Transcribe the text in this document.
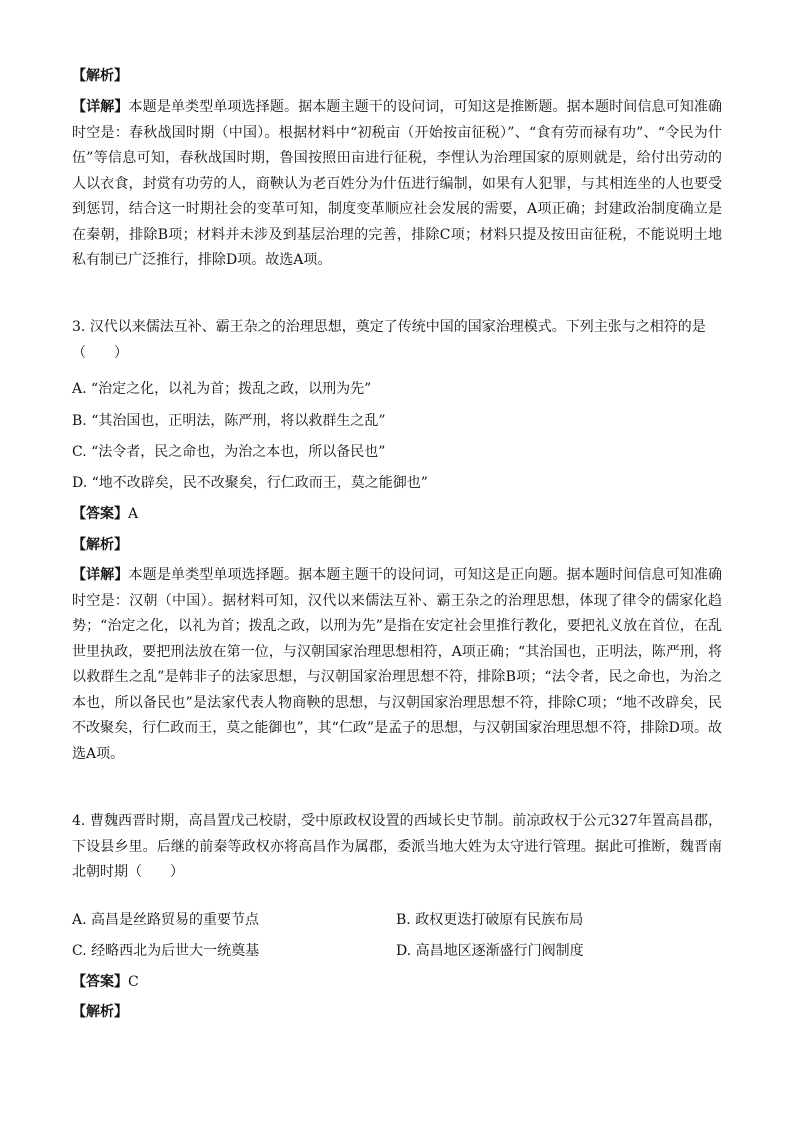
【解析】

【详解】本题是单类型单项选择题。据本题主题干的设问词，可知这是推断题。据本题时间信息可知准确时空是：春秋战国时期（中国）。根据材料中“初税亩（开始按亩征税）”、“食有劳而禄有功”、“令民为什伍”等信息可知，春秋战国时期，鲁国按照田亩进行征税，李悝认为治理国家的原则就是，给付出劳动的人以衣食，封赏有功劳的人，商鞅认为老百姓分为什伍进行编制，如果有人犯罪，与其相连坐的人也要受到惩罚，结合这一时期社会的变革可知，制度变革顺应社会发展的需要，A项正确；封建政治制度确立是在秦朝，排除B项；材料并未涉及到基层治理的完善，排除C项；材料只提及按田亩征税，不能说明土地私有制已广泛推行，排除D项。故选A项。

3. 汉代以来儒法互补、霸王杂之的治理思想，奠定了传统中国的国家治理模式。下列主张与之相符的是
（　　）

A. “治定之化，以礼为首；拨乱之政，以刑为先”

B. “其治国也，正明法，陈严刑，将以救群生之乱”

C. “法令者，民之命也，为治之本也，所以备民也”

D. “地不改辟矣，民不改聚矣，行仁政而王，莫之能御也”

【答案】A

【解析】

【详解】本题是单类型单项选择题。据本题主题干的设问词，可知这是正向题。据本题时间信息可知准确时空是：汉朝（中国）。据材料可知，汉代以来儒法互补、霸王杂之的治理思想，体现了律令的儒家化趋势；“治定之化，以礼为首；拨乱之政，以刑为先”是指在安定社会里推行教化，要把礼义放在首位，在乱世里执政，要把刑法放在第一位，与汉朝国家治理思想相符，A项正确；“其治国也，正明法，陈严刑，将以救群生之乱”是韩非子的法家思想，与汉朝国家治理思想不符，排除B项；“法令者，民之命也，为治之本也，所以备民也”是法家代表人物商鞅的思想，与汉朝国家治理思想不符，排除C项；“地不改辟矣，民不改聚矣，行仁政而王，莫之能御也”，其“仁政”是孟子的思想，与汉朝国家治理思想不符，排除D项。故选A项。

4. 曹魏西晋时期，高昌置戊己校尉，受中原政权设置的西域长史节制。前凉政权于公元327年置高昌郡，下设县乡里。后继的前秦等政权亦将高昌作为属郡，委派当地大姓为太守进行管理。据此可推断，魏晋南北朝时期（　　）

A. 高昌是丝路贸易的重要节点	B. 政权更迭打破原有民族布局
C. 经略西北为后世大一统奠基	D. 高昌地区逐渐盛行门阀制度

【答案】C

【解析】
